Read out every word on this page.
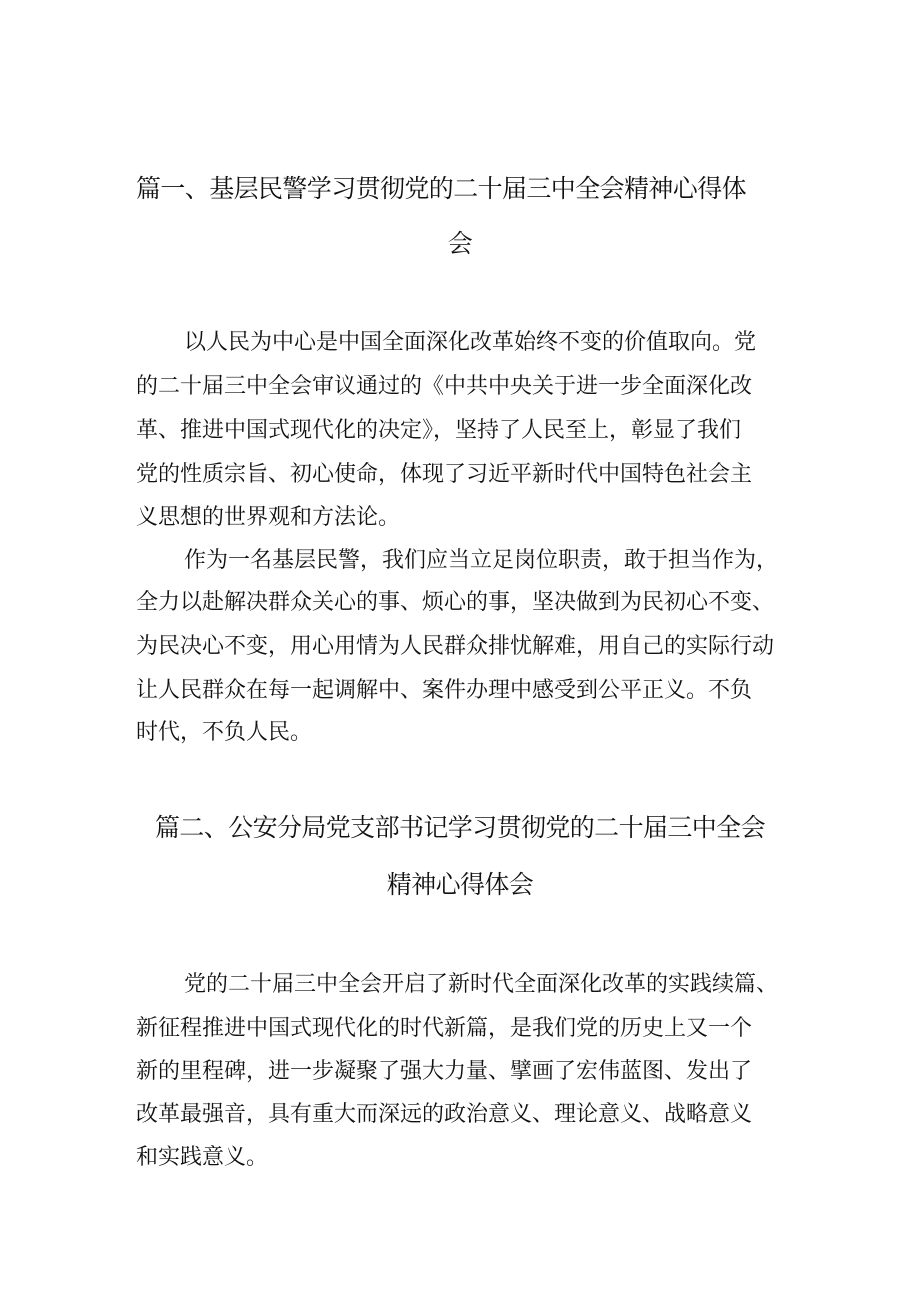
篇一、基层民警学习贯彻党的二十届三中全会精神心得体
会
以人民为中心是中国全面深化改革始终不变的价值取向。党
的二十届三中全会审议通过的《中共中央关于进一步全面深化改
革、推进中国式现代化的决定》，坚持了人民至上，彰显了我们
党的性质宗旨、初心使命，体现了习近平新时代中国特色社会主
义思想的世界观和方法论。
作为一名基层民警，我们应当立足岗位职责，敢于担当作为，
全力以赴解决群众关心的事、烦心的事，坚决做到为民初心不变、
为民决心不变，用心用情为人民群众排忧解难，用自己的实际行动
让人民群众在每一起调解中、案件办理中感受到公平正义。不负
时代，不负人民。
篇二、公安分局党支部书记学习贯彻党的二十届三中全会
精神心得体会
党的二十届三中全会开启了新时代全面深化改革的实践续篇、
新征程推进中国式现代化的时代新篇，是我们党的历史上又一个
新的里程碑，进一步凝聚了强大力量、擘画了宏伟蓝图、发出了
改革最强音，具有重大而深远的政治意义、理论意义、战略意义
和实践意义。
